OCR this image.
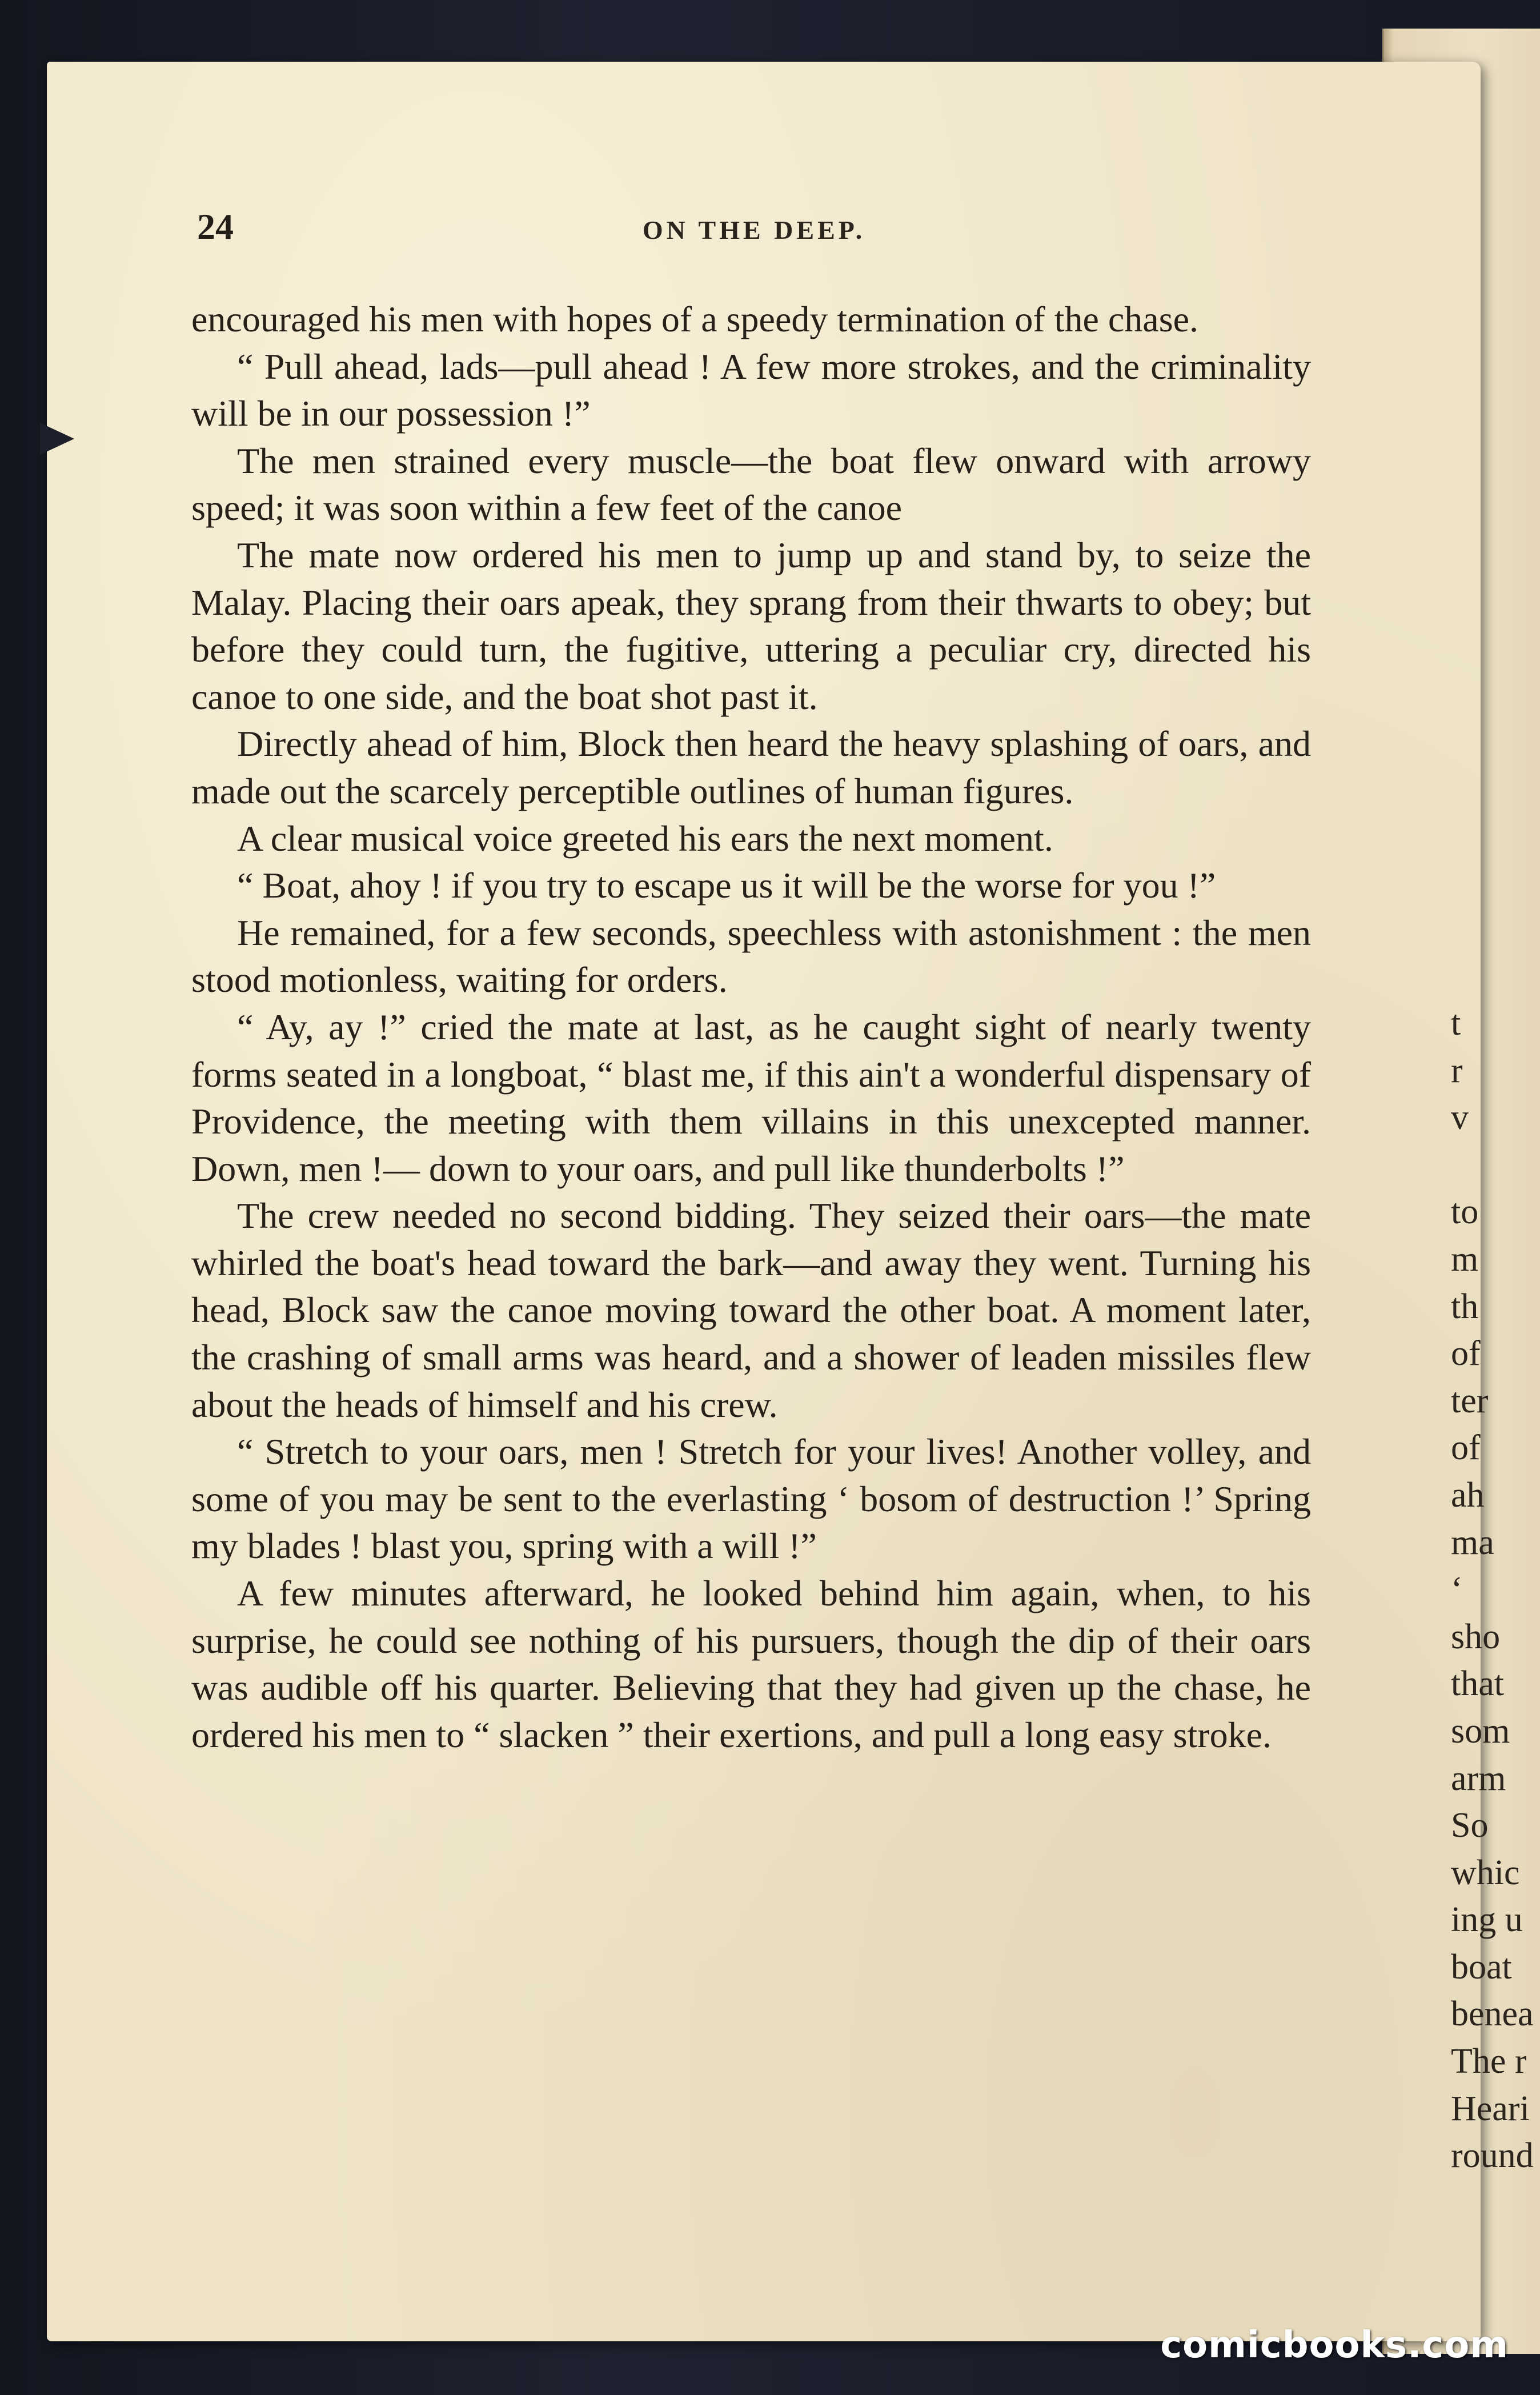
24	ON THE DEEP.

encouraged his men with hopes of a speedy termination of the chase.

“ Pull ahead, lads—pull ahead ! A few more strokes, and the criminality will be in our possession !”

The men strained every muscle—the boat flew onward with arrowy speed; it was soon within a few feet of the canoe

The mate now ordered his men to jump up and stand by, to seize the Malay. Placing their oars apeak, they sprang from their thwarts to obey; but before they could turn, the fugitive, uttering a peculiar cry, directed his canoe to one side, and the boat shot past it.

Directly ahead of him, Block then heard the heavy splashing of oars, and made out the scarcely perceptible outlines of human figures.

A clear musical voice greeted his ears the next moment.

“ Boat, ahoy ! if you try to escape us it will be the worse for you !”

He remained, for a few seconds, speechless with astonishment : the men stood motionless, waiting for orders.

“ Ay, ay !” cried the mate at last, as he caught sight of nearly twenty forms seated in a longboat, “ blast me, if this ain't a wonderful dispensary of Providence, the meeting with them villains in this unexcepted manner. Down, men !— down to your oars, and pull like thunderbolts !”

The crew needed no second bidding. They seized their oars—the mate whirled the boat's head toward the bark—and away they went. Turning his head, Block saw the canoe moving toward the other boat. A moment later, the crashing of small arms was heard, and a shower of leaden missiles flew about the heads of himself and his crew.

“ Stretch to your oars, men ! Stretch for your lives! Another volley, and some of you may be sent to the everlasting ‘ bosom of destruction !’ Spring my blades ! blast you, spring with a will !”

A few minutes afterward, he looked behind him again, when, to his surprise, he could see nothing of his pursuers, though the dip of their oars was audible off his quarter. Believing that they had given up the chase, he ordered his men to “ slacken ” their exertions, and pull a long easy stroke.

t
r
v
to
m
th
of
ter
of
ah
ma
‘
sho
that
som
arm
So
whic
ing u
boat
benea
The r
Heari
round
comicbooks.com
